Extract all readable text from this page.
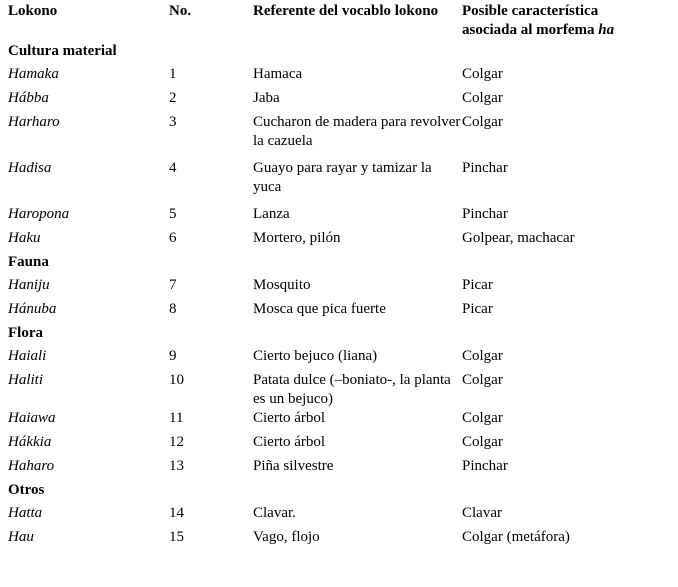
Lokono	No.	Referente del vocablo lokono	Posible característica asociada al morfema ha
Cultura material			
Hamaka	1	Hamaca	Colgar
Hábba	2	Jaba	Colgar
Harharo	3	Cucharon de madera para revolver la cazuela	Colgar
Hadisa	4	Guayo para rayar y tamizar la yuca	Pinchar
Haropona	5	Lanza	Pinchar
Haku	6	Mortero, pilón	Golpear, machacar
Fauna			
Haniju	7	Mosquito	Picar
Hánuba	8	Mosca que pica fuerte	Picar
Flora			
Haiali	9	Cierto bejuco (liana)	Colgar
Haliti	10	Patata dulce (–boniato-, la planta es un bejuco)	Colgar
Haiawa	11	Cierto árbol	Colgar
Hákkia	12	Cierto árbol	Colgar
Haharo	13	Piña silvestre	Pinchar
Otros			
Hatta	14	Clavar.	Clavar
Hau	15	Vago, flojo	Colgar (metáfora)
